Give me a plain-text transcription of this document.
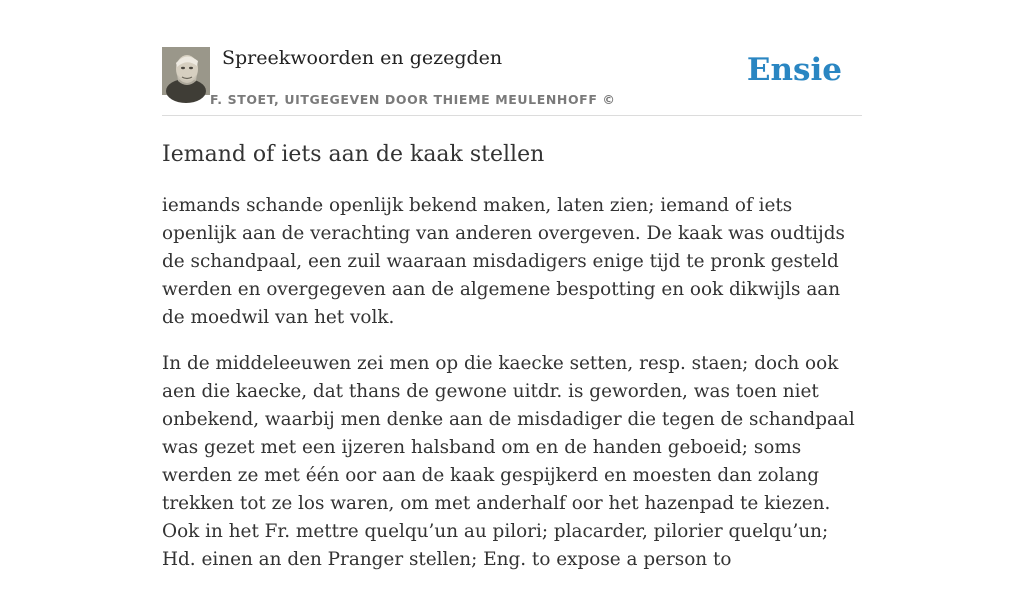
Spreekwoorden en gezegden
F. STOET, UITGEGEVEN DOOR THIEME MEULENHOFF ©
Ensie
Iemand of iets aan de kaak stellen

iemands schande openlijk bekend maken, laten zien; iemand of iets openlijk aan de verachting van anderen overgeven. De kaak was oudtijds de schandpaal, een zuil waaraan misdadigers enige tijd te pronk gesteld werden en overgegeven aan de algemene bespotting en ook dikwijls aan de moedwil van het volk.

In de middeleeuwen zei men op die kaecke setten, resp. staen; doch ook aen die kaecke, dat thans de gewone uitdr. is geworden, was toen niet onbekend, waarbij men denke aan de misdadiger die tegen de schandpaal was gezet met een ijzeren halsband om en de handen geboeid; soms werden ze met één oor aan de kaak gespijkerd en moesten dan zolang trekken tot ze los waren, om met anderhalf oor het hazenpad te kiezen. Ook in het Fr. mettre quelqu’un au pilori; placarder, pilorier quelqu’un; Hd. einen an den Pranger stellen; Eng. to expose a person to
